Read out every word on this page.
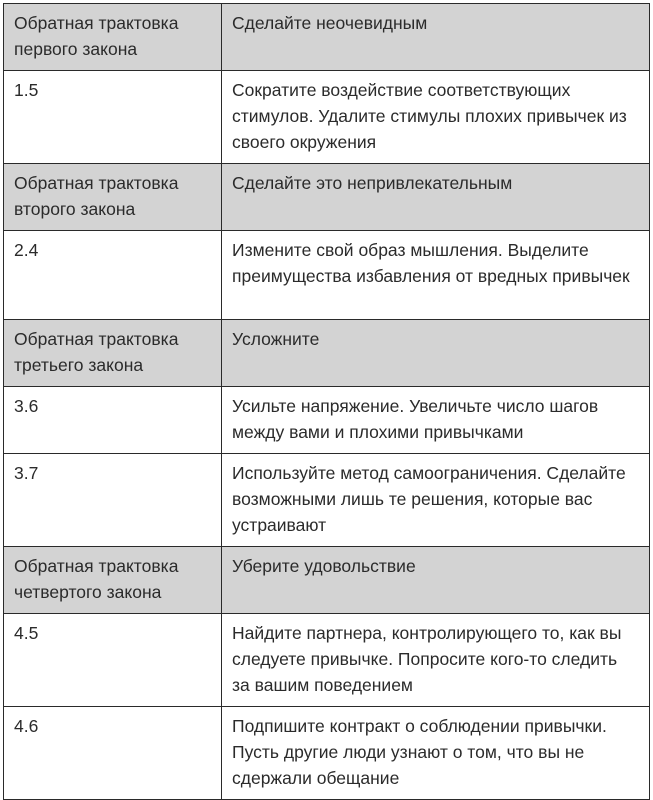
Обратная трактовка первого закона	Сделайте неочевидным
1.5	Сократите воздействие соответствующих стимулов. Удалите стимулы плохих привычек из своего окружения
Обратная трактовка второго закона	Сделайте это непривлекательным
2.4	Измените свой образ мышления. Выделите преимущества избавления от вредных привычек
Обратная трактовка третьего закона	Усложните
3.6	Усильте напряжение. Увеличьте число шагов между вами и плохими привычками
3.7	Используйте метод самоограничения. Сделайте возможными лишь те решения, которые вас устраивают
Обратная трактовка четвертого закона	Уберите удовольствие
4.5	Найдите партнера, контролирующего то, как вы следуете привычке. Попросите кого-то следить за вашим поведением
4.6	Подпишите контракт о соблюдении привычки. Пусть другие люди узнают о том, что вы не сдержали обещание
